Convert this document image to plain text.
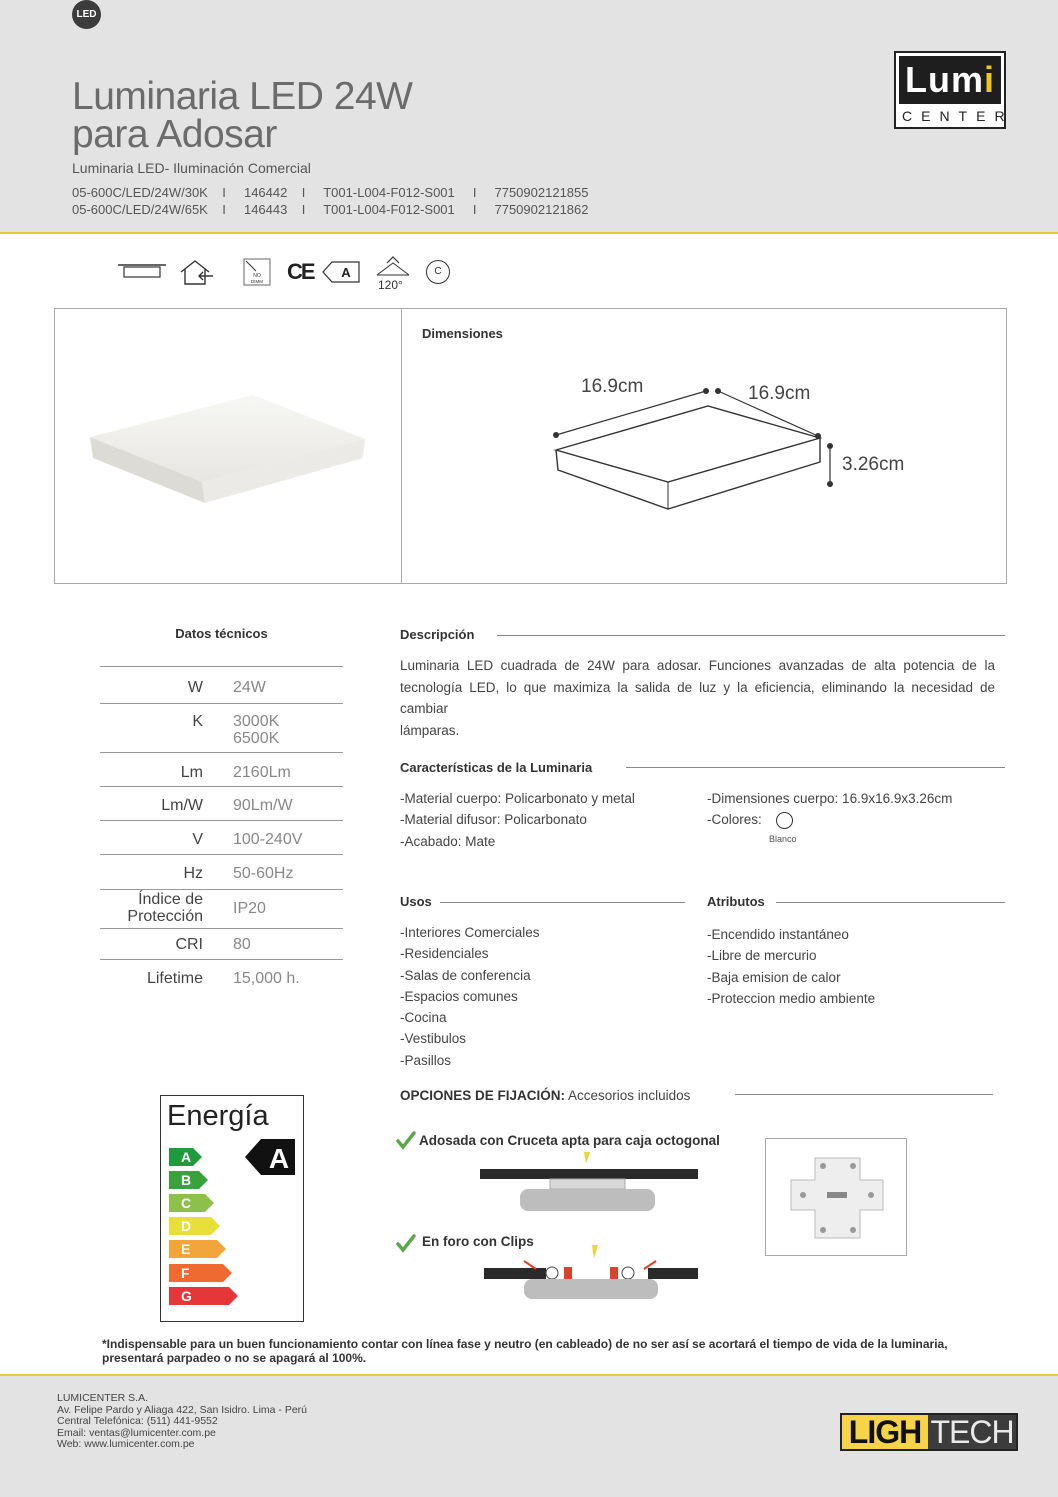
Luminaria LED 24W
para Adosar
Luminaria LED- Iluminación Comercial
05-600C/LED/24W/30K    I     146442    I     T001-L004-F012-S001     I     7750902121855
05-600C/LED/24W/65K    I     146443    I     T001-L004-F012-S001     I     7750902121862
Lumi
CENTER
LED
NO
DIMM CE A
120°
C
Dimensiones
16.9cm	16.9cm
3.26cm
Datos técnicos
W 24W
K 3000K
6500K
Lm 2160Lm
Lm/W 90Lm/W
V 100-240V
Hz 50-60Hz
Índice de
Protección IP20
CRI 80
Lifetime 15,000 h.
Descripción
Luminaria LED cuadrada de 24W para adosar. Funciones avanzadas de alta potencia de la
tecnología LED, lo que maximiza la salida de luz y la eficiencia, eliminando la necesidad de cambiar
lámparas.
Características de la Luminaria
-Material cuerpo: Policarbonato y metal
-Material difusor: Policarbonato
-Acabado: Mate
-Dimensiones cuerpo: 16.9x16.9x3.26cm
-Colores:
Blanco
Usos
-Interiores Comerciales
-Residenciales
-Salas de conferencia
-Espacios comunes
-Cocina
-Vestibulos
-Pasillos
Atributos
-Encendido instantáneo
-Libre de mercurio
-Baja emision de calor
-Proteccion medio ambiente
OPCIONES DE FIJACIÓN: Accesorios incluidos
Adosada con Cruceta apta para caja octogonal
En foro con Clips
Energía
A
B
C
D
E
F
G
A
*Indispensable para un buen funcionamiento contar con línea fase y neutro (en cableado) de no ser así se acortará el tiempo de vida de la luminaria,
presentará parpadeo o no se apagará al 100%.
LUMICENTER S.A.
Av. Felipe Pardo y Aliaga 422, San Isidro. Lima - Perú
Central Telefónica: (511) 441-9552
Email: ventas@lumicenter.com.pe
Web: www.lumicenter.com.pe	LIGH TECH
